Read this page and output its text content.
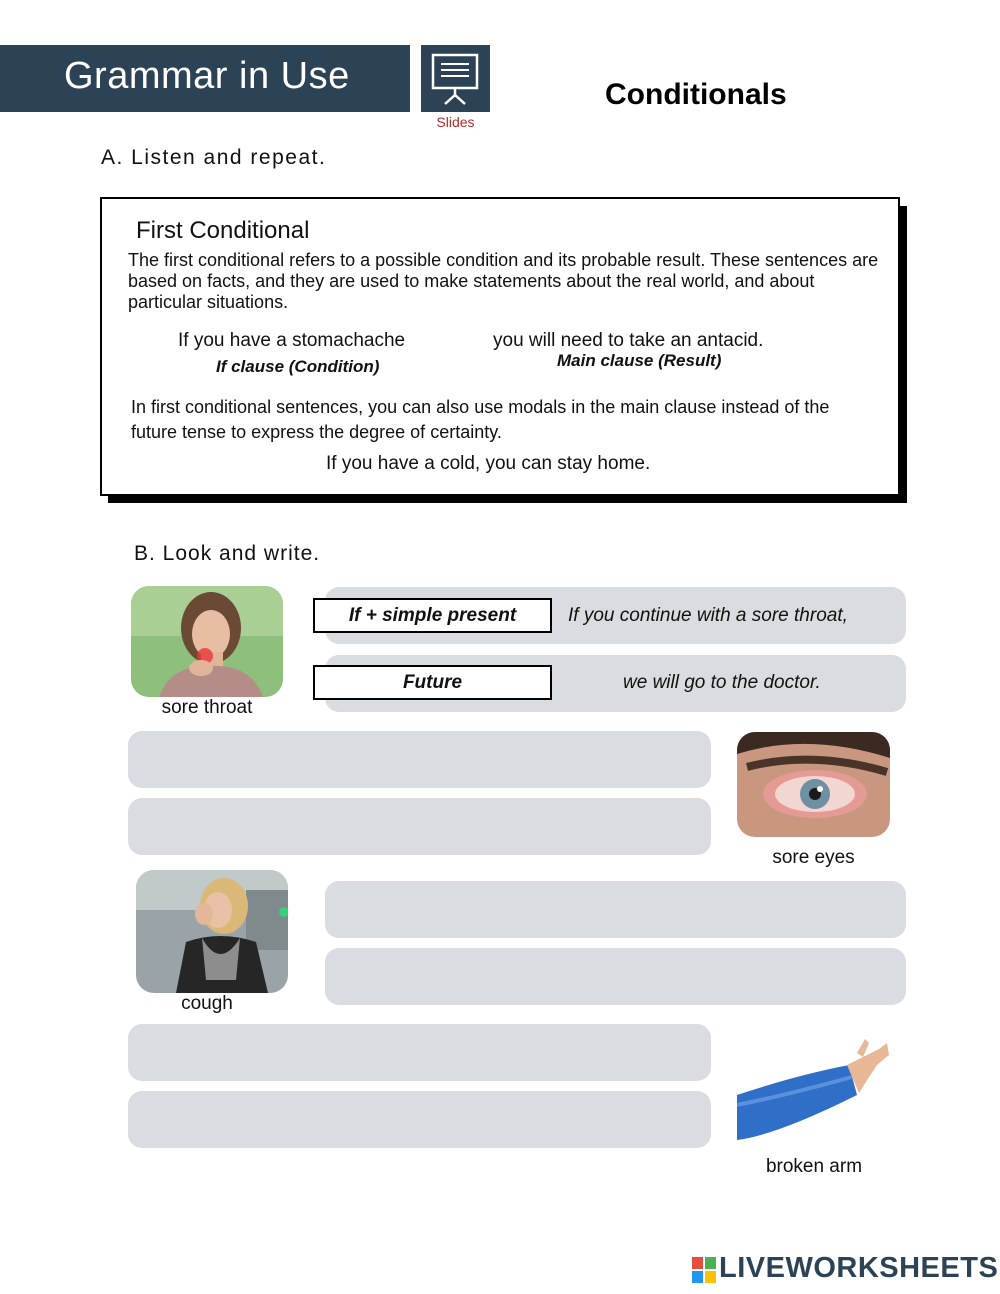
Grammar in Use
Slides
Conditionals
A. Listen and repeat.
First Conditional
The first conditional refers to a possible condition and its probable result. These sentences are based on facts, and they are used to make statements about the real world, and about particular situations.
If you have a stomachache	you will need to take an antacid.
If clause (Condition)	Main clause (Result)
In first conditional sentences, you can also use modals in the main clause instead of the future tense to express the degree of certainty.
If you have a cold, you can stay home.
B. Look and write.
sore throat
If + simple present	If you continue with a sore throat,
Future	we will go to the doctor.
sore eyes
cough
broken arm
LIVEWORKSHEETS
